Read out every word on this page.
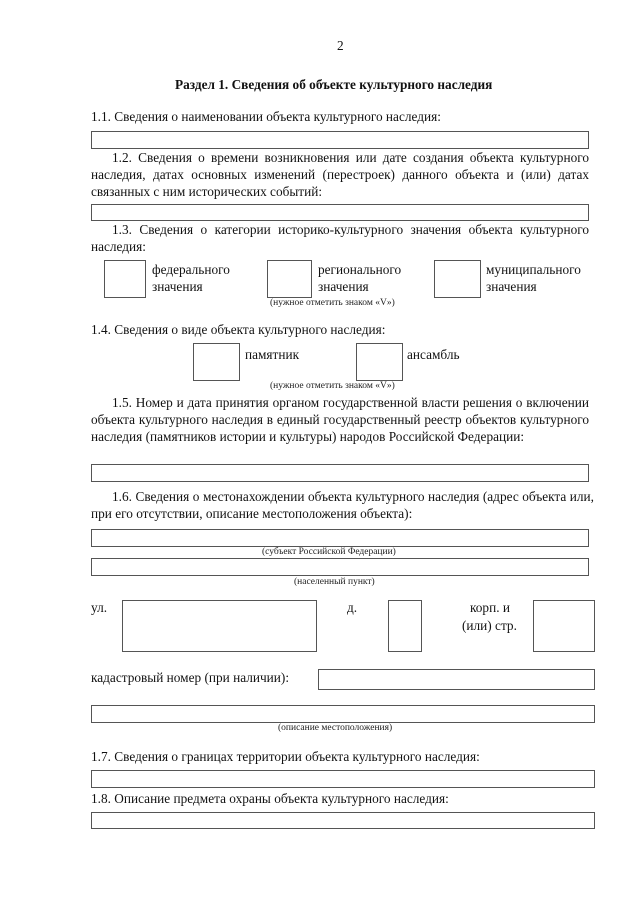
2
Раздел 1. Сведения об объекте культурного наследия
1.1. Сведения о наименовании объекта культурного наследия:
1.2. Сведения о времени возникновения или дате создания объекта культурного наследия, датах основных изменений (перестроек) данного объекта и (или) датах связанных с ним исторических событий:
1.3. Сведения о категории историко-культурного значения объекта культурного наследия:
федерального
значения
регионального
значения
муниципального
значения
(нужное отметить знаком «V»)
1.4. Сведения о виде объекта культурного наследия:
памятник	ансамбль
(нужное отметить знаком «V»)
1.5. Номер и дата принятия органом государственной власти решения о включении объекта культурного наследия в единый государственный реестр объектов культурного наследия (памятников истории и культуры) народов Российской Федерации:
1.6. Сведения о местонахождении объекта культурного наследия (адрес объекта или, при его отсутствии, описание местоположения объекта):
(субъект Российской Федерации)
(населенный пункт)
ул.	д.	корп. и
(или) стр.
кадастровый номер (при наличии):
(описание местоположения)
1.7. Сведения о границах территории объекта культурного наследия:
1.8. Описание предмета охраны объекта культурного наследия:
